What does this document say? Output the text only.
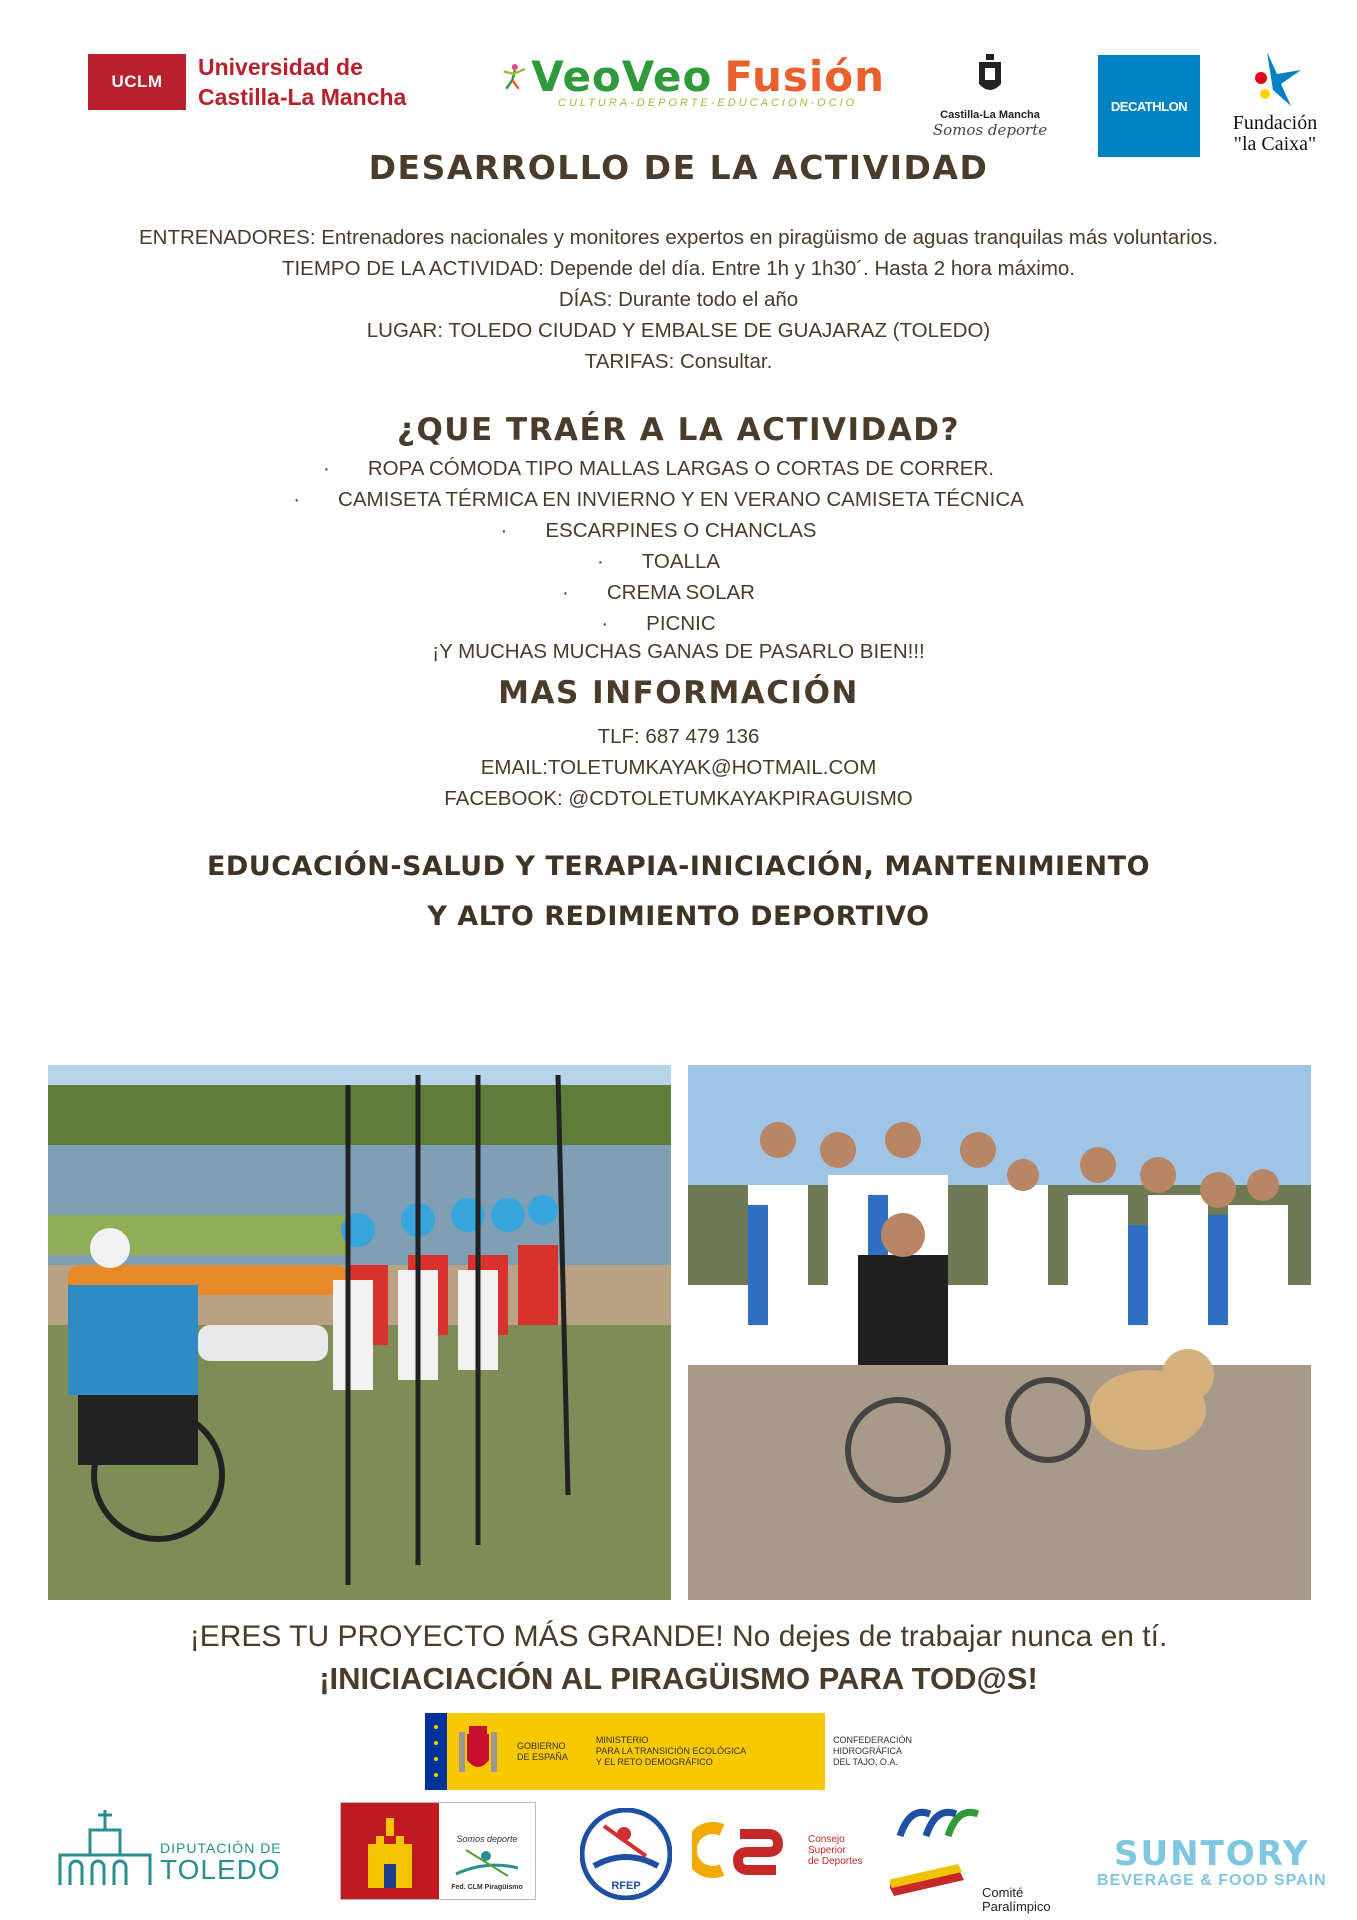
UCLM
Universidad de
Castilla-La Mancha	VeoVeo Fusión
CULTURA-DEPORTE-EDUCACION-OCIO
Castilla-La Mancha
Somos deporte
DECATHLON
Fundación
"la Caixa"
DESARROLLO DE LA ACTIVIDAD
ENTRENADORES: Entrenadores nacionales y monitores expertos en piragüismo de aguas tranquilas más voluntarios.
TIEMPO DE LA ACTIVIDAD: Depende del día. Entre 1h y 1h30´. Hasta 2 hora máximo.
DÍAS: Durante todo el año
LUGAR: TOLEDO CIUDAD Y EMBALSE DE GUAJARAZ (TOLEDO)
TARIFAS: Consultar.
¿QUE TRAÉR A LA ACTIVIDAD?
· ROPA CÓMODA TIPO MALLAS LARGAS O CORTAS DE CORRER.
· CAMISETA TÉRMICA EN INVIERNO Y EN VERANO CAMISETA TÉCNICA
· ESCARPINES O CHANCLAS
· TOALLA
· CREMA SOLAR
· PICNIC
¡Y MUCHAS MUCHAS GANAS DE PASARLO BIEN!!!
MAS INFORMACIÓN
TLF: 687 479 136
EMAIL:TOLETUMKAYAK@HOTMAIL.COM
FACEBOOK: @CDTOLETUMKAYAKPIRAGUISMO
EDUCACIÓN-SALUD Y TERAPIA-INICIACIÓN, MANTENIMIENTO
Y ALTO REDIMIENTO DEPORTIVO
¡ERES TU PROYECTO MÁS GRANDE! No dejes de trabajar nunca en tí.
¡INICIACIACIÓN AL PIRAGÜISMO PARA TOD@S!
GOBIERNO
DE ESPAÑA
MINISTERIO
PARA LA TRANSICIÓN ECOLÓGICA
Y EL RETO DEMOGRÁFICO
CONFEDERACIÓN
HIDROGRÁFICA
DEL TAJO, O.A.
DIPUTACIÓN DE
TOLEDO
Somos deporte
Fed. CLM Piragüismo	RFEP
Consejo
Superior
de Deportes
Comité
Paralímpico
SUNTORY
BEVERAGE & FOOD SPAIN
